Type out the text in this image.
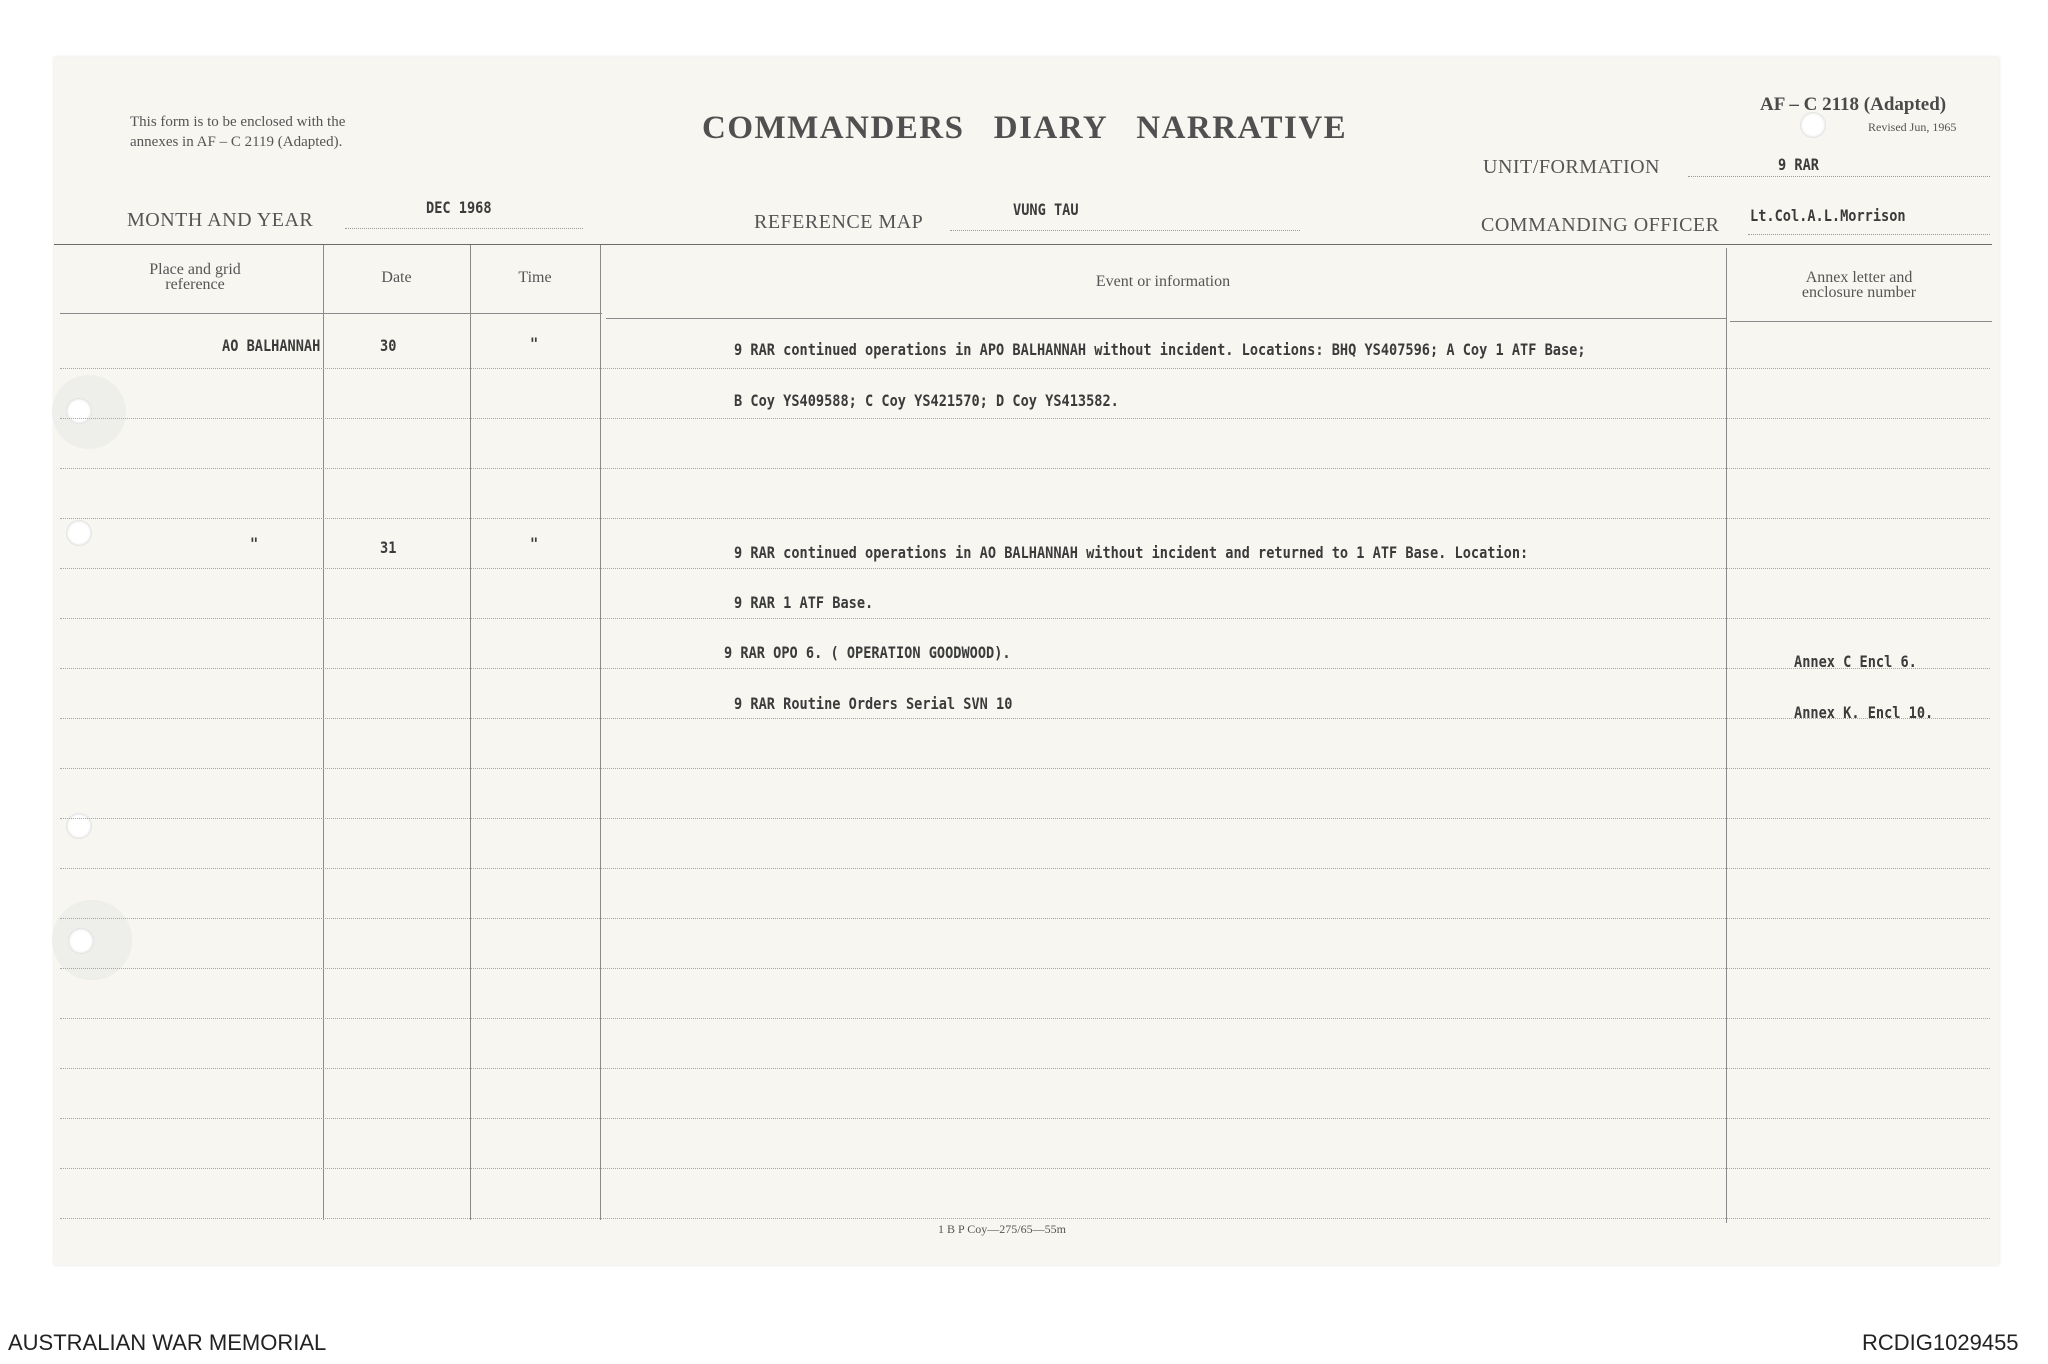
This form is to be enclosed with the
annexes in AF – C 2119 (Adapted).	COMMANDERS   DIARY   NARRATIVE
AF – C 2118 (Adapted)
Revised Jun, 1965
UNIT/FORMATION	9 RAR
MONTH AND YEAR
DEC 1968
REFERENCE MAP
VUNG TAU
COMMANDING OFFICER Lt.Col.A.L.Morrison
Place and grid
reference	Date	Time	Event or information	Annex letter and
enclosure number
AO BALHANNAH	30	"	9 RAR continued operations in APO BALHANNAH without incident. Locations: BHQ YS407596; A Coy 1 ATF Base;
B Coy YS409588; C Coy YS421570; D Coy YS413582.
"	31	"	9 RAR continued operations in AO BALHANNAH without incident and returned to 1 ATF Base. Location:
9 RAR 1 ATF Base.
9 RAR OPO 6. ( OPERATION GOODWOOD).	Annex C Encl 6.
9 RAR Routine Orders Serial SVN 10	Annex K. Encl 10.
1 B P Coy—275/65—55m
AUSTRALIAN WAR MEMORIAL	RCDIG1029455
